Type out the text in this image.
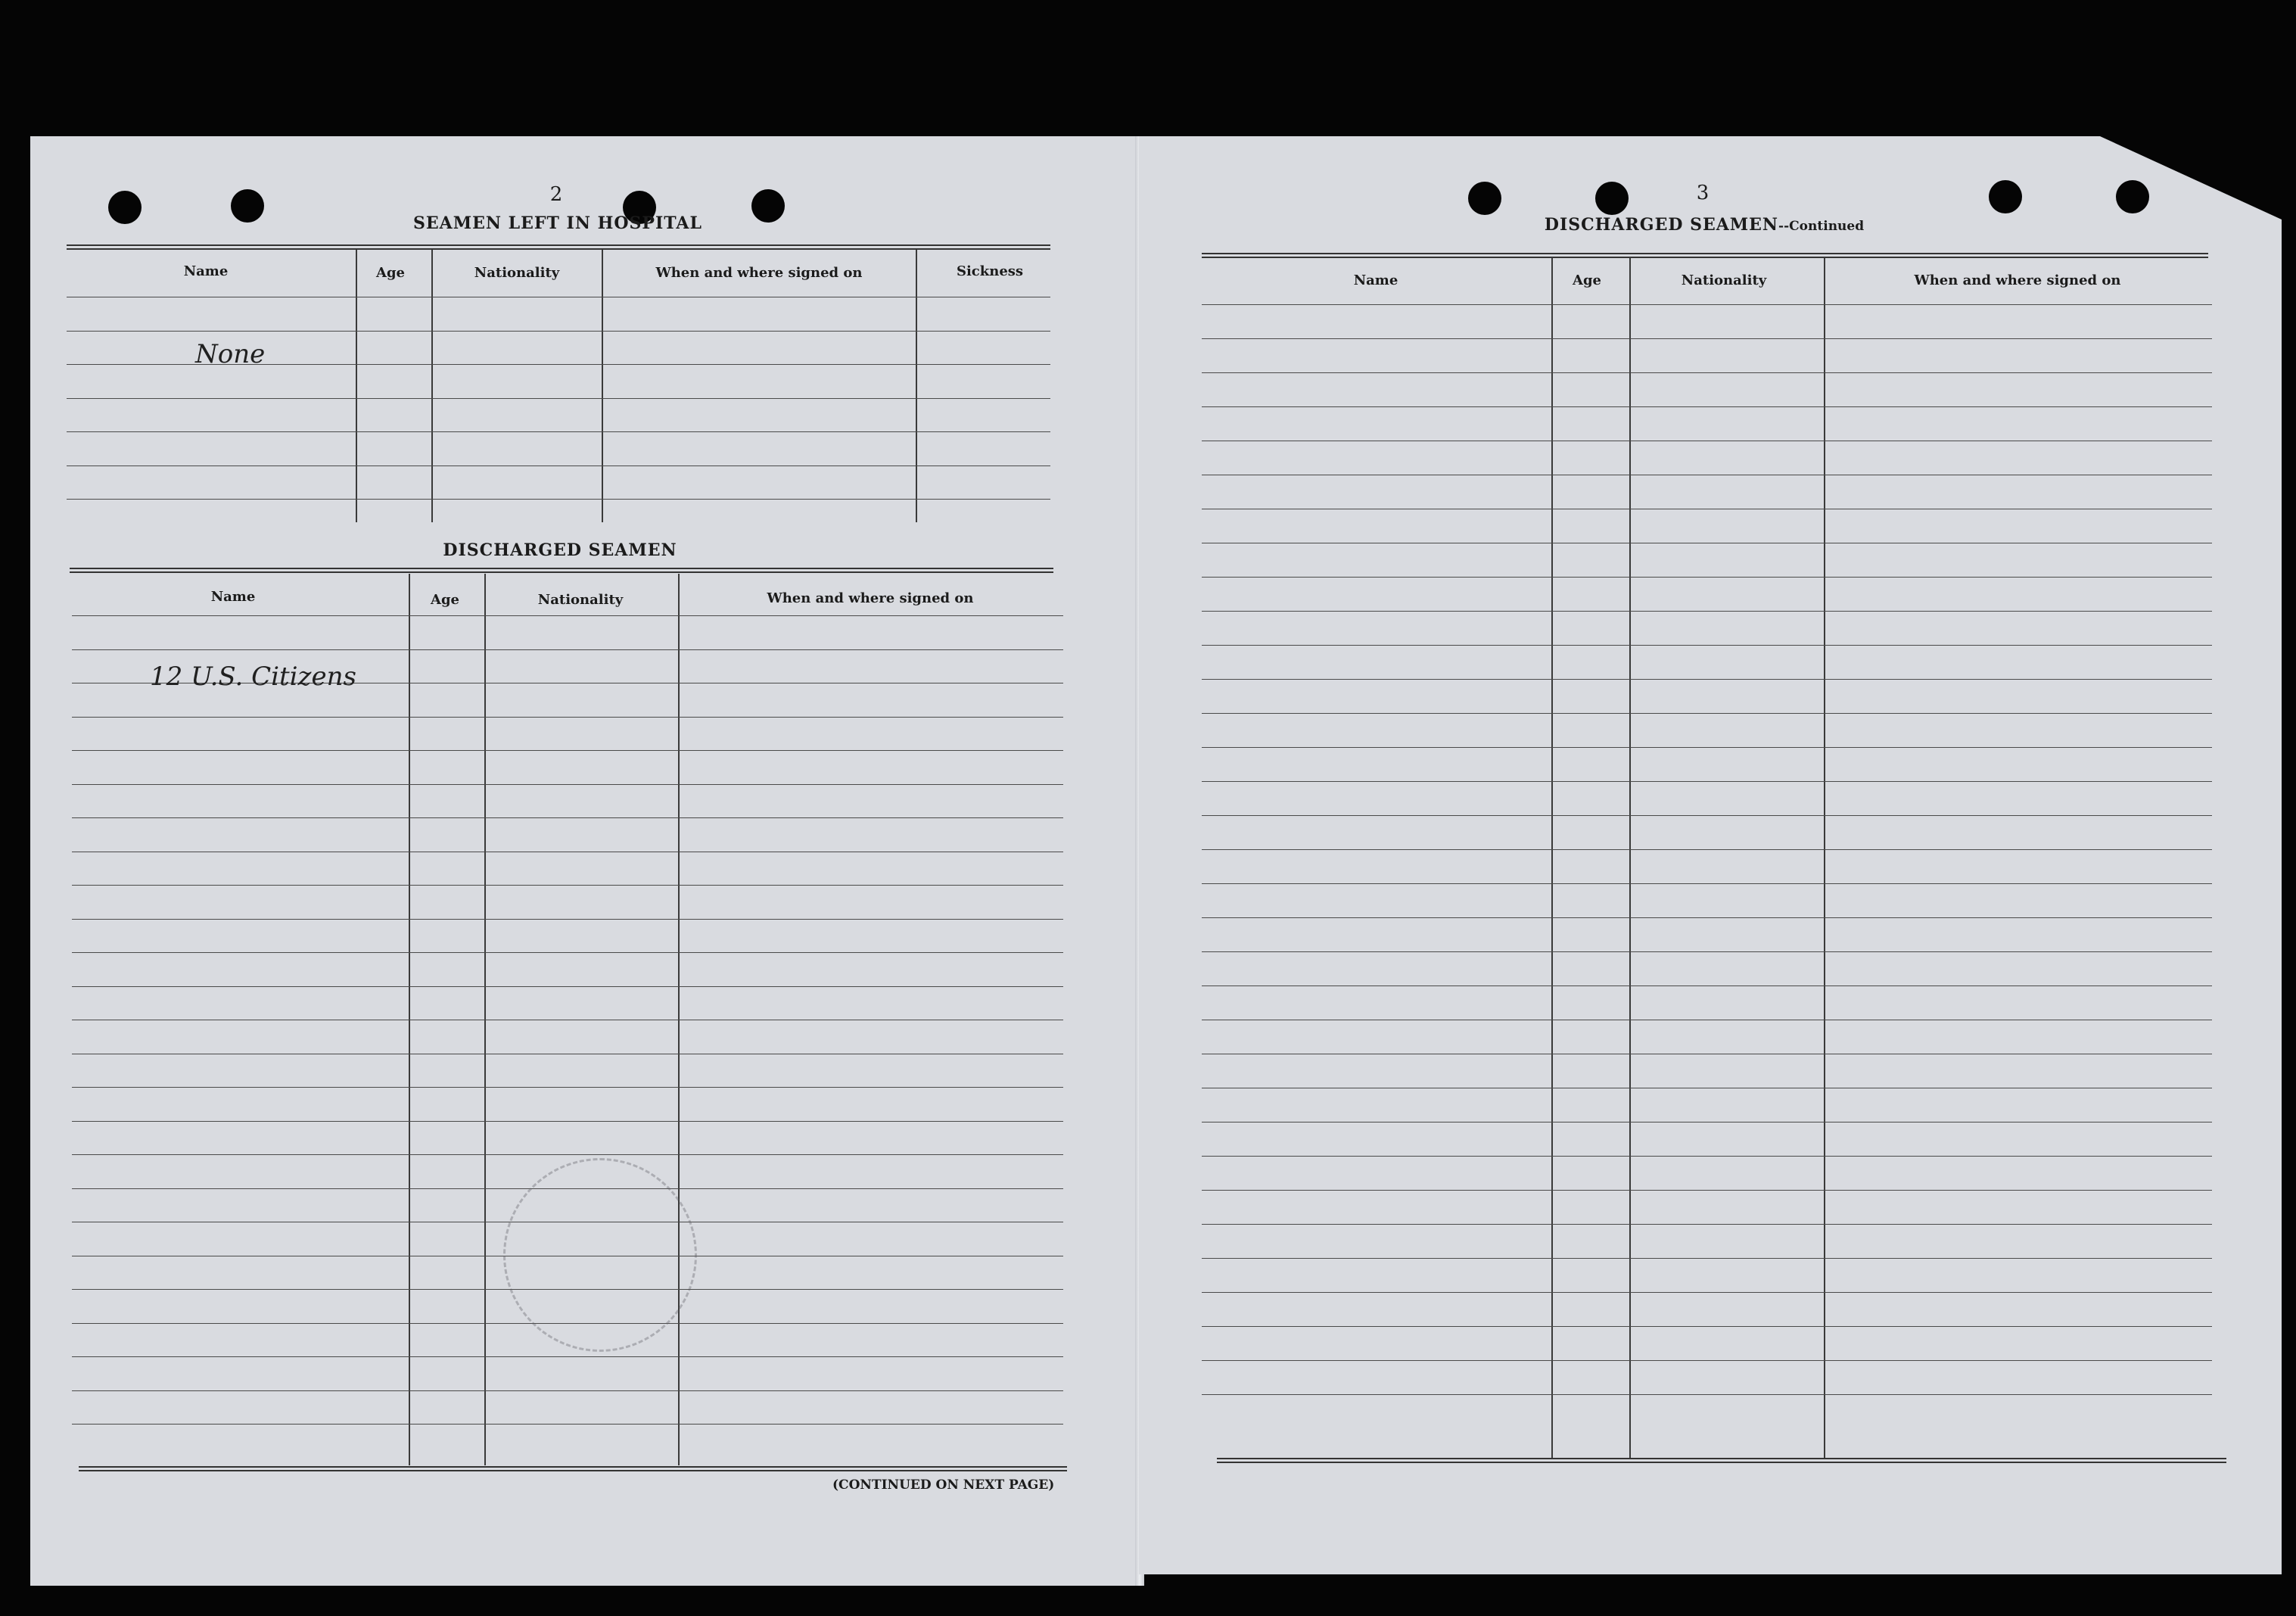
2
SEAMEN LEFT IN HOSPITAL
Name	Age	Nationality	When and where signed on	Sickness
None
DISCHARGED SEAMEN
Name	Age	Nationality	When and where signed on
12 U.S. Citizens
(CONTINUED ON NEXT PAGE)
3
DISCHARGED SEAMEN--Continued
Name	Age	Nationality	When and where signed on
